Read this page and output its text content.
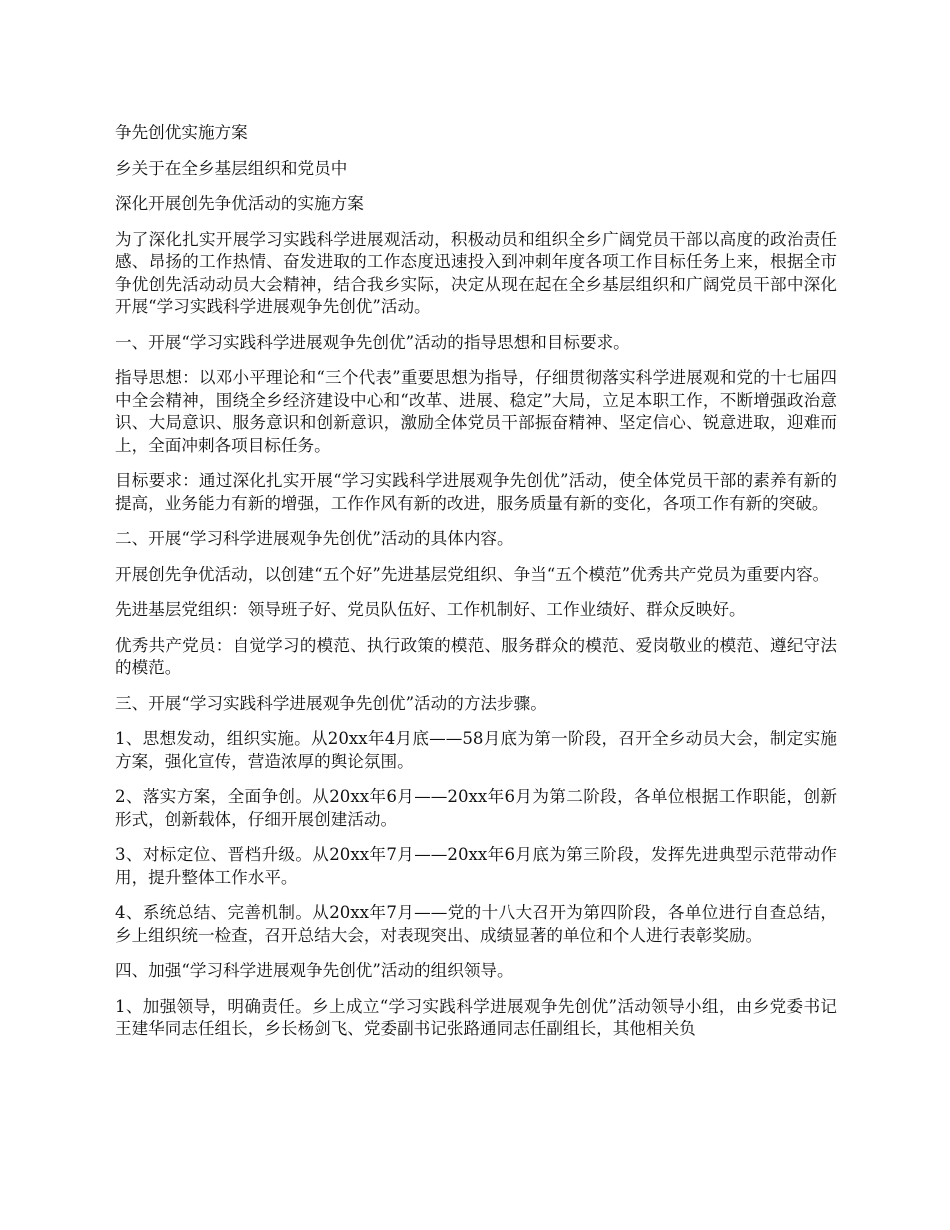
争先创优实施方案

乡关于在全乡基层组织和党员中

深化开展创先争优活动的实施方案

为了深化扎实开展学习实践科学进展观活动，积极动员和组织全乡广阔党员干部以高度的政治责任感、昂扬的工作热情、奋发进取的工作态度迅速投入到冲刺年度各项工作目标任务上来，根据全市争优创先活动动员大会精神，结合我乡实际，决定从现在起在全乡基层组织和广阔党员干部中深化开展“学习实践科学进展观争先创优”活动。

一、开展“学习实践科学进展观争先创优”活动的指导思想和目标要求。

指导思想：以邓小平理论和“三个代表”重要思想为指导，仔细贯彻落实科学进展观和党的十七届四中全会精神，围绕全乡经济建设中心和“改革、进展、稳定”大局，立足本职工作，不断增强政治意识、大局意识、服务意识和创新意识，激励全体党员干部振奋精神、坚定信心、锐意进取，迎难而上，全面冲刺各项目标任务。

目标要求：通过深化扎实开展“学习实践科学进展观争先创优”活动，使全体党员干部的素养有新的提高，业务能力有新的增强，工作作风有新的改进，服务质量有新的变化，各项工作有新的突破。

二、开展“学习科学进展观争先创优”活动的具体内容。

开展创先争优活动，以创建“五个好”先进基层党组织、争当“五个模范”优秀共产党员为重要内容。

先进基层党组织：领导班子好、党员队伍好、工作机制好、工作业绩好、群众反映好。

优秀共产党员：自觉学习的模范、执行政策的模范、服务群众的模范、爱岗敬业的模范、遵纪守法的模范。

三、开展“学习实践科学进展观争先创优”活动的方法步骤。

1、思想发动，组织实施。从20xx年4月底——58月底为第一阶段，召开全乡动员大会，制定实施方案，强化宣传，营造浓厚的舆论氛围。

2、落实方案，全面争创。从20xx年6月——20xx年6月为第二阶段，各单位根据工作职能，创新形式，创新载体，仔细开展创建活动。

3、对标定位、晋档升级。从20xx年7月——20xx年6月底为第三阶段，发挥先进典型示范带动作用，提升整体工作水平。

4、系统总结、完善机制。从20xx年7月——党的十八大召开为第四阶段，各单位进行自查总结，乡上组织统一检查，召开总结大会，对表现突出、成绩显著的单位和个人进行表彰奖励。

四、加强“学习科学进展观争先创优”活动的组织领导。

1、加强领导，明确责任。乡上成立“学习实践科学进展观争先创优”活动领导小组，由乡党委书记王建华同志任组长，乡长杨剑飞、党委副书记张路通同志任副组长，其他相关负
